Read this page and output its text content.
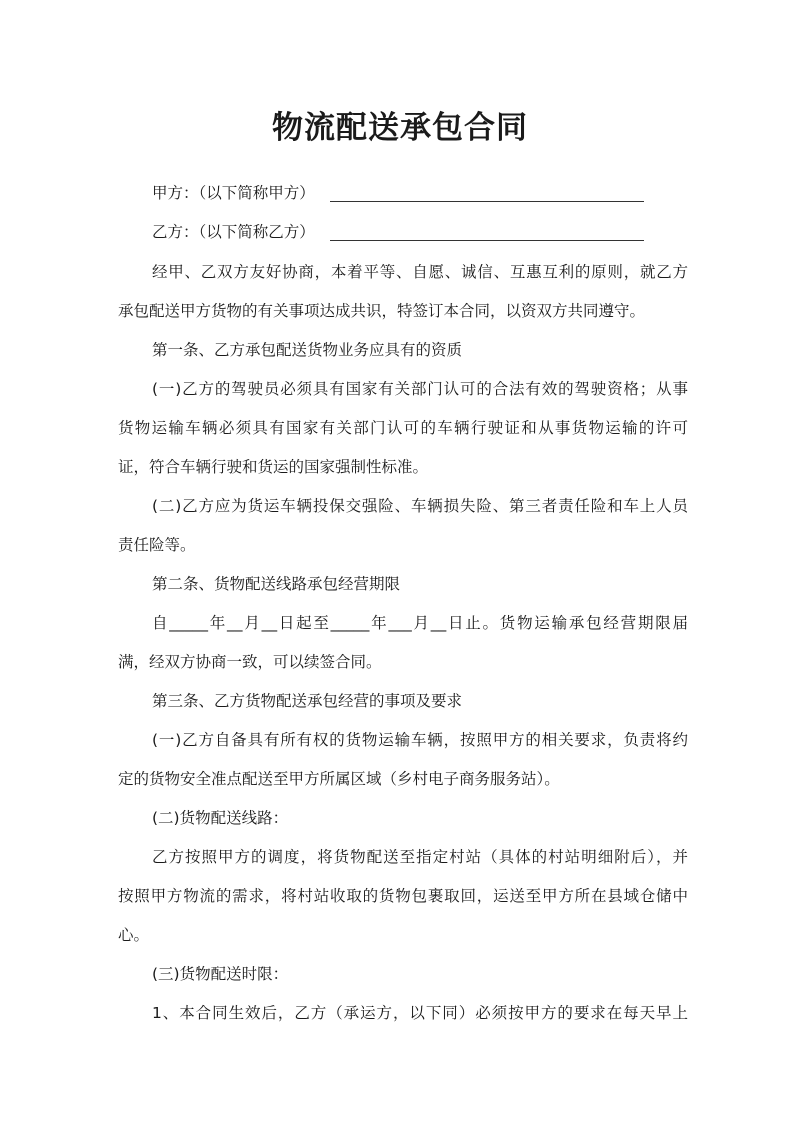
物流配送承包合同
甲方：（以下简称甲方）
乙方：（以下简称乙方）
经甲、乙双方友好协商，本着平等、自愿、诚信、互惠互利的原则，就乙方
承包配送甲方货物的有关事项达成共识，特签订本合同，以资双方共同遵守。
第一条、乙方承包配送货物业务应具有的资质
(一)乙方的驾驶员必须具有国家有关部门认可的合法有效的驾驶资格；从事
货物运输车辆必须具有国家有关部门认可的车辆行驶证和从事货物运输的许可
证，符合车辆行驶和货运的国家强制性标准。
(二)乙方应为货运车辆投保交强险、车辆损失险、第三者责任险和车上人员
责任险等。
第二条、货物配送线路承包经营期限
自_____年__月__日起至_____年___月__日止。货物运输承包经营期限届
满，经双方协商一致，可以续签合同。
第三条、乙方货物配送承包经营的事项及要求
(一)乙方自备具有所有权的货物运输车辆，按照甲方的相关要求，负责将约
定的货物安全准点配送至甲方所属区域（乡村电子商务服务站）。
(二)货物配送线路：
乙方按照甲方的调度，将货物配送至指定村站（具体的村站明细附后），并
按照甲方物流的需求，将村站收取的货物包裹取回，运送至甲方所在县域仓储中
心。
(三)货物配送时限：
1、本合同生效后，乙方（承运方，以下同）必须按甲方的要求在每天早上
